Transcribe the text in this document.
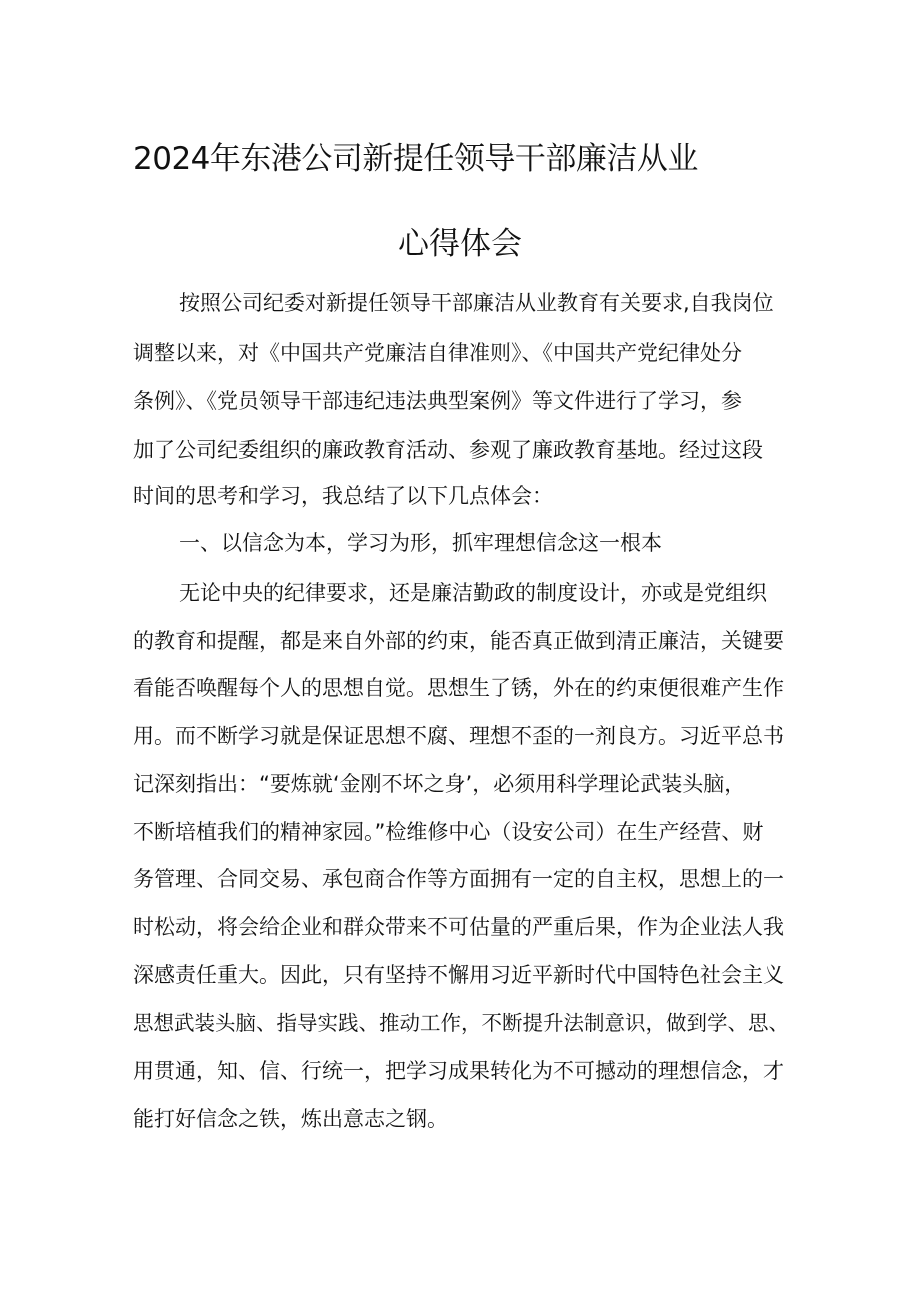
2024年东港公司新提任领导干部廉洁从业
心得体会
按照公司纪委对新提任领导干部廉洁从业教育有关要求,自我岗位
调整以来，对《中国共产党廉洁自律准则》、《中国共产党纪律处分
条例》、《党员领导干部违纪违法典型案例》等文件进行了学习，参
加了公司纪委组织的廉政教育活动、参观了廉政教育基地。经过这段
时间的思考和学习，我总结了以下几点体会：
一、以信念为本，学习为形，抓牢理想信念这一根本
无论中央的纪律要求，还是廉洁勤政的制度设计，亦或是党组织
的教育和提醒，都是来自外部的约束，能否真正做到清正廉洁，关键要
看能否唤醒每个人的思想自觉。思想生了锈，外在的约束便很难产生作
用。而不断学习就是保证思想不腐、理想不歪的一剂良方。习近平总书
记深刻指出：“要炼就‘金刚不坏之身’，必须用科学理论武装头脑，
不断培植我们的精神家园。”检维修中心（设安公司）在生产经营、财
务管理、合同交易、承包商合作等方面拥有一定的自主权，思想上的一
时松动，将会给企业和群众带来不可估量的严重后果，作为企业法人我
深感责任重大。因此，只有坚持不懈用习近平新时代中国特色社会主义
思想武装头脑、指导实践、推动工作，不断提升法制意识，做到学、思、
用贯通，知、信、行统一，把学习成果转化为不可撼动的理想信念，才
能打好信念之铁，炼出意志之钢。
